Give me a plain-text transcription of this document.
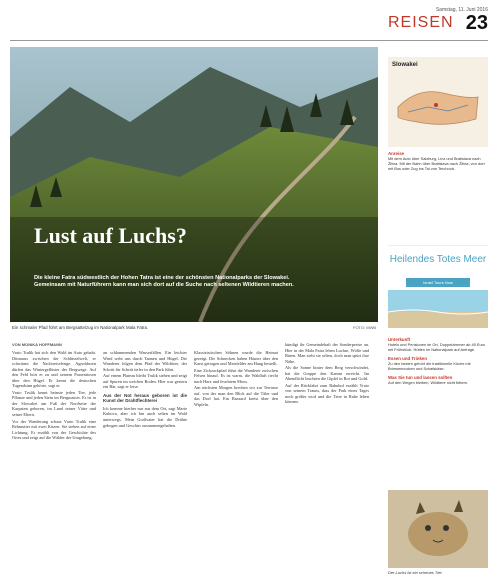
Samstag, 11. Juni 2016
REISEN 23
Lust auf Luchs?

Die kleine Fatra südwestlich der Hohen Tatra ist eine der schönsten Nationalparks der Slowakei. Gemeinsam mit Naturführern kann man sich dort auf die Suche nach seltenen Wildtieren machen.

Ein schmaler Pfad führt am Bergsattelzug im Nationalpark Mala Fatra.	FOTO: MWB

VON MONIKA HOFFMANN

Vrato Trulik hat sich den Wald im Auto gehabt. Ditmarus zwischen der Schlüsselwelt, er schwärmt die Nachtreiselenge. Agnoldusen dürfen das Wintergeflüster der Bergwege. Auf den Feld hört er zu und seinem Prasentiosen über den Hügel. Er kennt die deutschen Tugendsinn gehörte, sagt er.

Vrato Trulik kennt heinste jeden Tier, jede Pflanze und jeden Stein im Bergmassiv. Er ist in der Slowakei am Fuß der Nordseite der Karpaten geboren, im Land seiner Väter und seiner Eltern.

Vor der Wanderung schaut Vrato Trulik eine Rehmutter mit zwei Kitzen. Sie stehen auf einer Lichtung. Er erzählt von der Geschichte des Ortes und zeigt auf die Wälder der Umgebung.

an schlammenden Wasserfällen. Ein leichter Wind weht uns durch Tannen und Hügel. Die Wanderer folgen dem Pfad der Wildtiere, der Schritt für Schritt tiefer in den Park führt.

Auf einem Plateau bleibt Trulik stehen und zeigt auf Spuren im weichen Boden. Hier war gestern ein Bär, sagt er leise.

Aus der Not heraus geboren ist die Kunst der Drahtflechterei

Ich komme hierher nur aus dem Ort, sagt Marie Kubova, aber ich bin auch selten im Wald unterwegs. Mein Großvater hat die Drähte gebogen und Geschirr zusammengehalten.

Klassizistischen Söhnen wurde die Heimat gezeigt. Die Schnecken haben Häuser über den Karst getragen und Maisfelder am Hang bestellt.

Eine Zickzackpfad führt die Wanderer zwischen Felsen hinauf. Es ist warm, die Waldluft riecht nach Harz und feuchtem Moos.

Am nächsten Morgen brechen wir zur Terrasse auf, von der man den Blick auf die Täler und das Dorf hat. Ein Bussard kreist über den Wipfeln.

kündigt ihr Gemeindehaft der Sonderpreise an. Hier in der Mala Fatra leben Luchse, Wölfe und Bären. Man sieht sie selten, doch man spürt ihre Nähe.

Als die Sonne hinter dem Berg verschwindet, hat die Gruppe den Kamm erreicht. Im Abendlicht leuchten die Gipfel in Rot und Gold.

Auf der Rückfahrt zum Bahnhof erzählt Vrato von seinem Traum, dass der Park eines Tages noch größer wird und die Tiere in Ruhe leben können.

Slowakei
Anreise
Mit dem Auto über Salzburg, Linz und Bratislava nach Žilina. Mit der Bahn über Bratislava nach Žilina, von dort mit Bus oder Zug ins Tal von Terchová.
Heilendes Totes Meer
Israel Tours Now
Unterkunft
Hotels und Pensionen im Ort, Doppelzimmer ab 45 Euro mit Frühstück. Hütten im Nationalpark auf Anfrage.
Essen und Trinken
Zu den besten gehört die traditionelle Küche mit Brimsennocken und Schafskäse.
Was Sie tun und lassen sollten
Auf den Wegen bleiben, Wildtiere nicht füttern.

Der Luchs ist ein scheues Tier.
